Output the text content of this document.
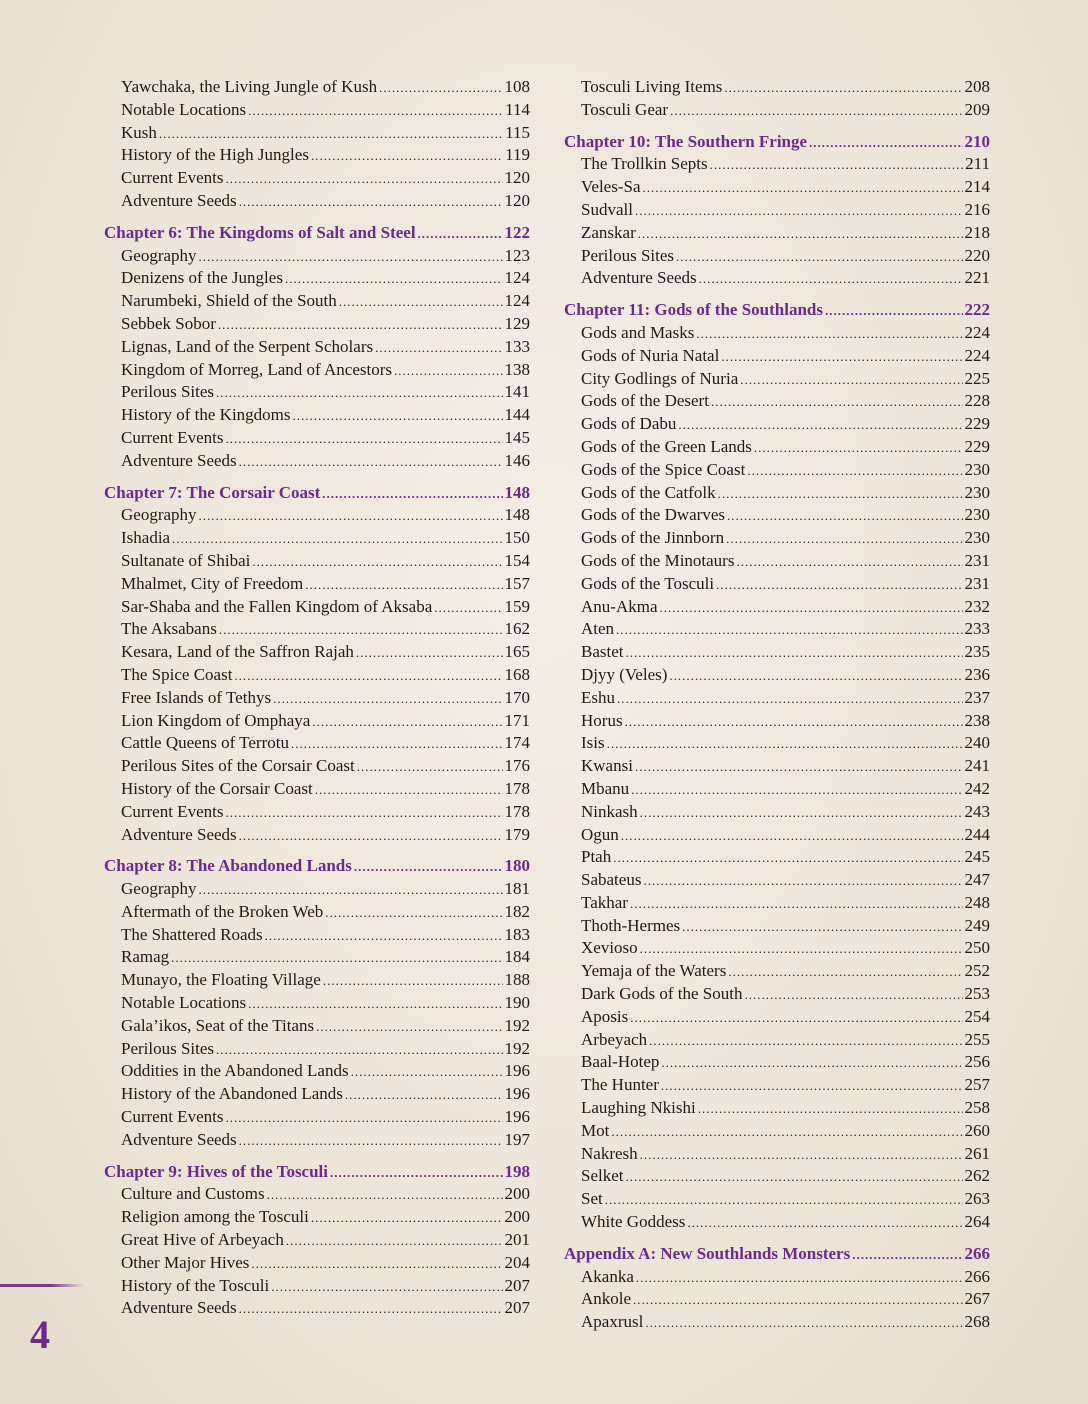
Yawchaka, the Living Jungle of Kush .....	108
Notable Locations .....	114
Kush .....	115
History of the High Jungles .....	119
Current Events .....	120
Adventure Seeds .....	120
Chapter 6: The Kingdoms of Salt and Steel .....	122
Geography .....	123
Denizens of the Jungles .....	124
Narumbeki, Shield of the South .....	124
Sebbek Sobor .....	129
Lignas, Land of the Serpent Scholars .....	133
Kingdom of Morreg, Land of Ancestors .....	138
Perilous Sites .....	141
History of the Kingdoms .....	144
Current Events .....	145
Adventure Seeds .....	146
Chapter 7: The Corsair Coast .....	148
Geography .....	148
Ishadia .....	150
Sultanate of Shibai .....	154
Mhalmet, City of Freedom .....	157
Sar-Shaba and the Fallen Kingdom of Aksaba .....	159
The Aksabans .....	162
Kesara, Land of the Saffron Rajah .....	165
The Spice Coast .....	168
Free Islands of Tethys .....	170
Lion Kingdom of Omphaya .....	171
Cattle Queens of Terrotu .....	174
Perilous Sites of the Corsair Coast .....	176
History of the Corsair Coast .....	178
Current Events .....	178
Adventure Seeds .....	179
Chapter 8: The Abandoned Lands .....	180
Geography .....	181
Aftermath of the Broken Web .....	182
The Shattered Roads .....	183
Ramag .....	184
Munayo, the Floating Village .....	188
Notable Locations .....	190
Gala’ikos, Seat of the Titans .....	192
Perilous Sites .....	192
Oddities in the Abandoned Lands .....	196
History of the Abandoned Lands .....	196
Current Events .....	196
Adventure Seeds .....	197
Chapter 9: Hives of the Tosculi .....	198
Culture and Customs .....	200
Religion among the Tosculi .....	200
Great Hive of Arbeyach .....	201
Other Major Hives .....	204
History of the Tosculi .....	207
Adventure Seeds .....	207
Tosculi Living Items .....	208
Tosculi Gear .....	209
Chapter 10: The Southern Fringe .....	210
The Trollkin Septs .....	211
Veles-Sa .....	214
Sudvall .....	216
Zanskar .....	218
Perilous Sites .....	220
Adventure Seeds .....	221
Chapter 11: Gods of the Southlands .....	222
Gods and Masks .....	224
Gods of Nuria Natal .....	224
City Godlings of Nuria .....	225
Gods of the Desert .....	228
Gods of Dabu .....	229
Gods of the Green Lands .....	229
Gods of the Spice Coast .....	230
Gods of the Catfolk .....	230
Gods of the Dwarves .....	230
Gods of the Jinnborn .....	230
Gods of the Minotaurs .....	231
Gods of the Tosculi .....	231
Anu-Akma .....	232
Aten .....	233
Bastet .....	235
Djyy (Veles) .....	236
Eshu .....	237
Horus .....	238
Isis .....	240
Kwansi .....	241
Mbanu .....	242
Ninkash .....	243
Ogun .....	244
Ptah .....	245
Sabateus .....	247
Takhar .....	248
Thoth-Hermes .....	249
Xevioso .....	250
Yemaja of the Waters .....	252
Dark Gods of the South .....	253
Aposis .....	254
Arbeyach .....	255
Baal-Hotep .....	256
The Hunter .....	257
Laughing Nkishi .....	258
Mot .....	260
Nakresh .....	261
Selket .....	262
Set .....	263
White Goddess .....	264
Appendix A: New Southlands Monsters .....	266
Akanka .....	266
Ankole .....	267
Apaxrusl .....	268
4
